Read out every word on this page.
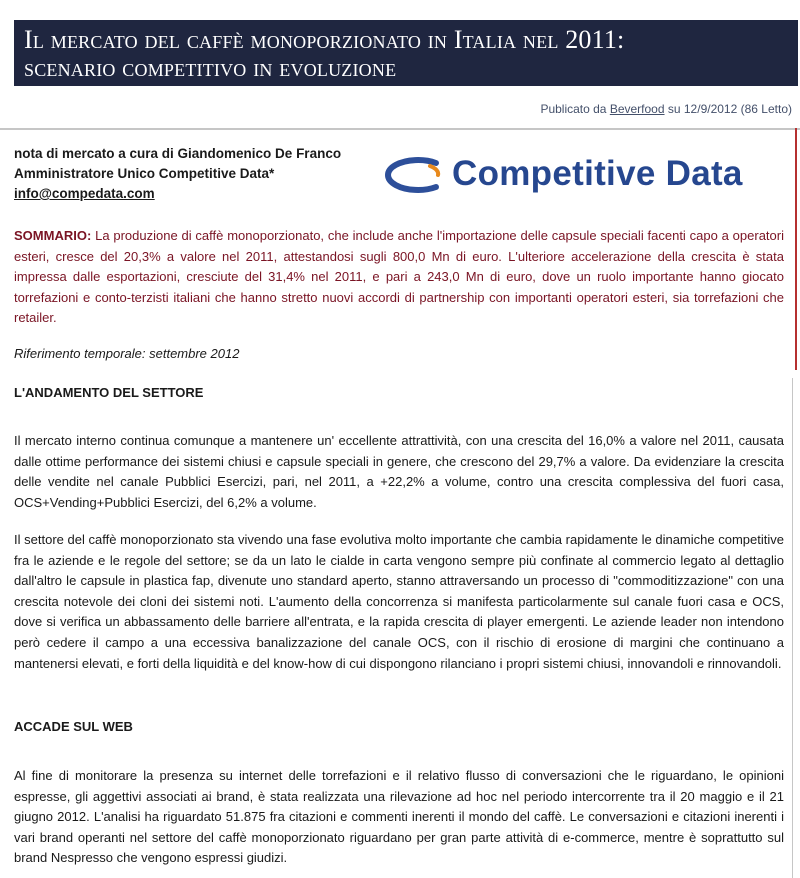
Il mercato del caffè monoporzionato in Italia nel 2011:
scenario competitivo in evoluzione
Publicato da Beverfood su 12/9/2012 (86 Letto)
nota di mercato a cura di Giandomenico De Franco
Amministratore Unico Competitive Data*
info@compedata.com
Competitive Data
SOMMARIO: La produzione di caffè monoporzionato, che include anche l'importazione delle capsule speciali facenti capo a operatori esteri, cresce del 20,3% a valore nel 2011, attestandosi sugli 800,0 Mn di euro. L'ulteriore accelerazione della crescita è stata impressa dalle esportazioni, cresciute del 31,4% nel 2011, e pari a 243,0 Mn di euro, dove un ruolo importante hanno giocato torrefazioni e conto-terzisti italiani che hanno stretto nuovi accordi di partnership con importanti operatori esteri, sia torrefazioni che retailer.
Riferimento temporale: settembre 2012
L'ANDAMENTO DEL SETTORE
Il mercato interno continua comunque a mantenere un' eccellente attrattività, con una crescita del 16,0% a valore nel 2011, causata dalle ottime performance dei sistemi chiusi e capsule speciali in genere, che crescono del 29,7% a valore. Da evidenziare la crescita delle vendite nel canale Pubblici Esercizi, pari, nel 2011, a +22,2% a volume, contro una crescita complessiva del fuori casa, OCS+Vending+Pubblici Esercizi, del 6,2% a volume.
Il settore del caffè monoporzionato sta vivendo una fase evolutiva molto importante che cambia rapidamente le dinamiche competitive fra le aziende e le regole del settore; se da un lato le cialde in carta vengono sempre più confinate al commercio legato al dettaglio dall'altro le capsule in plastica fap, divenute uno standard aperto, stanno attraversando un processo di "commoditizzazione" con una crescita notevole dei cloni dei sistemi noti. L'aumento della concorrenza si manifesta particolarmente sul canale fuori casa e OCS, dove si verifica un abbassamento delle barriere all'entrata, e la rapida crescita di player emergenti. Le aziende leader non intendono però cedere il campo a una eccessiva banalizzazione del canale OCS, con il rischio di erosione di margini che continuano a mantenersi elevati, e forti della liquidità e del know-how di cui dispongono rilanciano i propri sistemi chiusi, innovandoli e rinnovandoli.
ACCADE SUL WEB
Al fine di monitorare la presenza su internet delle torrefazioni e il relativo flusso di conversazioni che le riguardano, le opinioni espresse, gli aggettivi associati ai brand, è stata realizzata una rilevazione ad hoc nel periodo intercorrente tra il 20 maggio e il 21 giugno 2012. L'analisi ha riguardato 51.875 fra citazioni e commenti inerenti il mondo del caffè. Le conversazioni e citazioni inerenti i vari brand operanti nel settore del caffè monoporzionato riguardano per gran parte attività di e-commerce, mentre è soprattutto sul brand Nespresso che vengono espressi giudizi.
